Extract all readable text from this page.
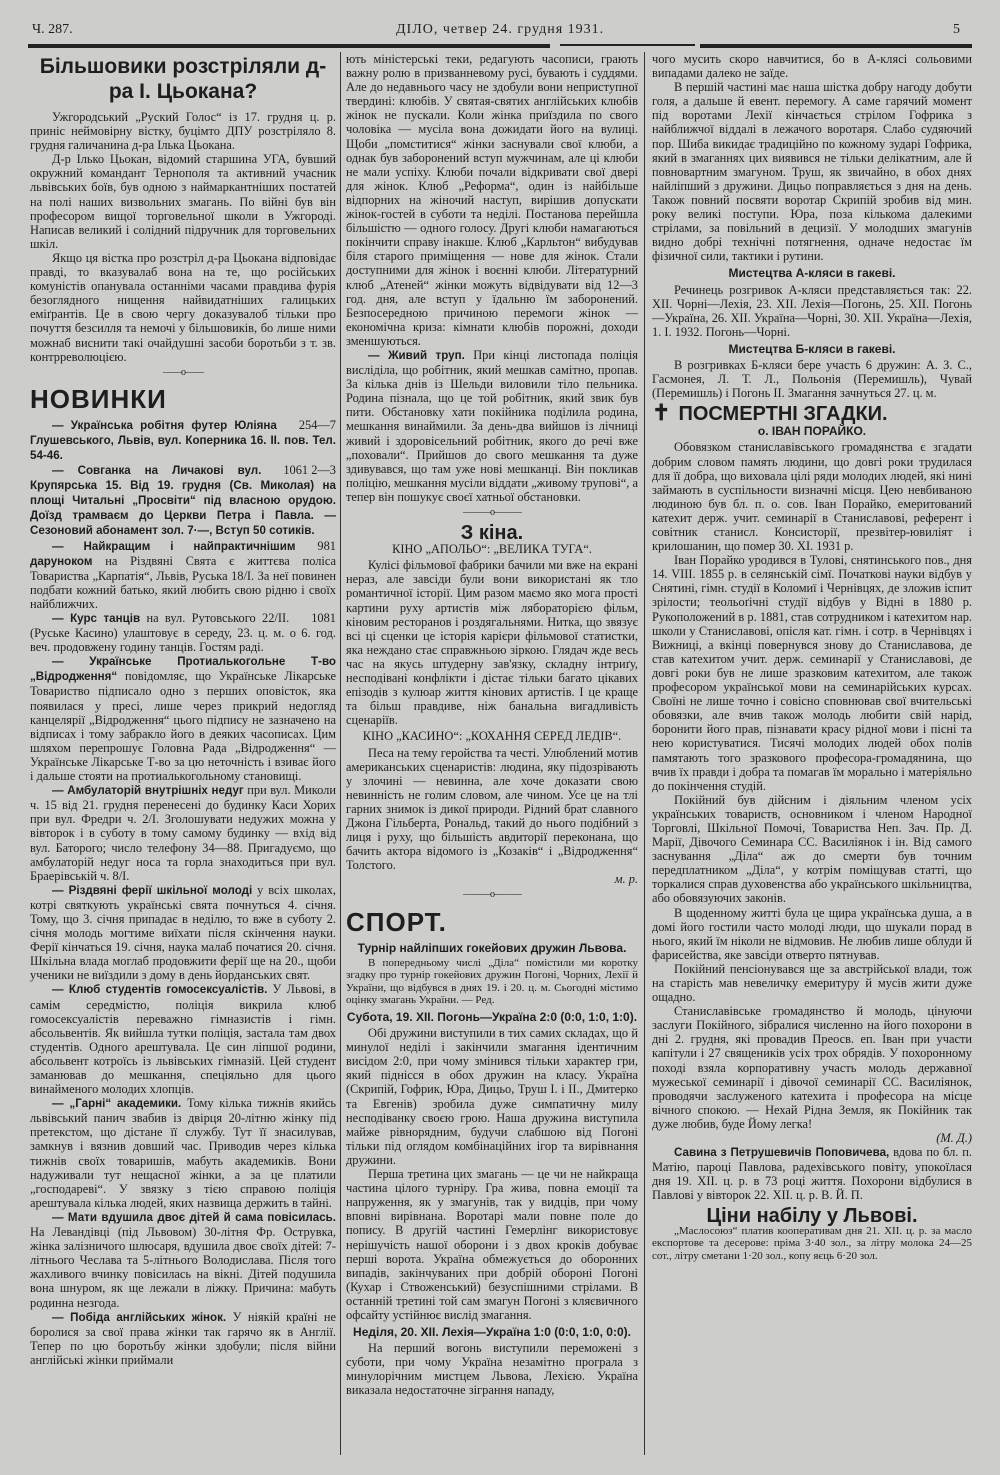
Ч. 287.	ДІЛО, четвер 24. грудня 1931.	5
Більшовики розстріляли д-ра І. Цьокана?

Ужгородський „Руский Голос“ із 17. грудня ц. р. приніс неймовірну вістку, буцімто ДПУ розстріляло 8. грудня галичанина д-ра Ілька Цьокана.

Д-р Ілько Цьокан, відомий старшина УГА, бувший окружний командант Тернополя та активний учасник львівських боїв, був одною з наймаркантніших постатей на полі наших визвольних змагань. По війні був він професором вищої торговельної школи в Ужгороді. Написав великий і солідний підручник для торговельних шкіл.

Якщо ця вістка про розстріл д-ра Цьокана відповідає правді, то вказувалаб вона на те, що російських комуністів опанувала останніми часами правдива фурія безоглядного нищення найвидатніших галицьких еміґрантів. Це в свою чергу доказувалоб тільки про почуття безсилля та немочі у більшовиків, бо лише ними можнаб виснити такі очайдушні засоби боротьби з т. зв. контрреволюцією.

——o——
НОВИНКИ

254—7
— Українська робітня футер Юліяна Глушевського, Львів, вул. Коперника 16. II. пов. Тел. 54-46.

1061 2—3
— Совганка на Личакові вул. Крупярська 15. Від 19. грудня (Св. Миколая) на площі Читальні „Просвіти“ під власною орудою. Доїзд трамваєм до Церкви Петра і Павла. — Сезоновий абонамент зол. 7·—, Вступ 50 сотиків.

981
— Найкращим і найпрактичнішим даруноком на Різдвяні Свята є життєва поліса Товариства „Карпатія“, Львів, Руська 18/I. За неї повинен подбати кожний батько, який любить свою рідню і своїх найближчих.

1081
— Курс танців на вул. Рутовського 22/II. (Руське Касино) улаштовує в середу, 23. ц. м. о 6. год. веч. продовжену годину танців. Гостям раді.

— Українське Протиалькогольне Т-во „Відродження“ повідомляє, що Українське Лікарське Товариство підписало одно з перших оповісток, яка появилася у пресі, лише через прикрий недогляд канцелярії „Відродження“ цього підпису не зазначено на відписах і тому забракло його в деяких часописах. Цим шляхом перепрошує Головна Рада „Відродження“ — Українське Лікарське Т-во за цю неточність і взиває його і дальше стояти на протиалькогольному становищі.

— Амбулаторій внутрішніх недуг при вул. Миколи ч. 15 від 21. грудня перенесені до будинку Каси Хорих при вул. Фредри ч. 2/I. Зголошувати недужих можна у вівторок і в суботу в тому самому будинку — вхід від вул. Баторого; число телефону 34—88. Пригадуємо, що амбулаторій недуг носа та горла знаходиться при вул. Браерівській ч. 8/I.

— Різдвяні ферії шкільної молоді у всіх школах, котрі святкують українські свята почнуться 4. січня. Тому, що 3. січня припадає в неділю, то вже в суботу 2. січня молодь могтиме виїхати після скінчення науки. Ферії кінчаться 19. січня, наука малаб початися 20. січня. Шкільна влада моглаб продовжити ферії ще на 20., щоби ученики не виїздили з дому в день йорданських свят.

— Клюб студентів гомосексуалістів. У Львові, в самім середмістю, поліція викрила клюб гомосексуалістів переважно гімназистів і гімн. абсольвентів. Як вийшла тутки поліція, застала там двох студентів. Одного арештувала. Це син ліпшої родини, абсольвент котроїсь із львівських гімназій. Цей студент заманював до мешкання, спеціяльно для цього винайменого молодих хлопців.

— „Гарні“ академики. Тому кілька тижнів якийсь львівський панич звабив із двірця 20-літню жінку під претекстом, що дістане її службу. Тут її знасилував, замкнув і вязнив довший час. Приводив через кілька тижнів своїх товаришів, мабуть академиків. Вони надуживали тут нещасної жінки, а за це платили „господареві“. У звязку з тією справою поліція арештувала кілька людей, яких назвища держить в тайні.

— Мати вдушила двоє дітей й сама повісилась. На Левандівці (під Львовом) 30-літня Фр. Острувка, жінка залізничого шлюсаря, вдушила двоє своїх дітей: 7-літнього Чеслава та 5-літнього Володислава. Після того жахливого вчинку повісилась на вікні. Дітей подушила вона шнуром, як ще лежали в ліжку. Причина: мабуть родинна незгода.

— Побіда англійських жінок. У ніякій країні не боролися за свої права жінки так гарячо як в Англії. Тепер по цю боротьбу жінки здобули; після війни англійські жінки приймали

ють міністерські теки, редагують часописи, грають важну ролю в призванневому русі, бувають і суддями. Але до недавнього часу не здобули вони неприступної твердині: клюбів. У святая-святих англійських клюбів жінок не пускали. Коли жінка приїздила по свого чоловіка — мусіла вона дожидати його на вулиці. Щоби „помститися“ жінки заснували свої клюби, а однак був заборонений вступ мужчинам, але ці клюби не мали успіху. Клюби почали відкривати свої двері для жінок. Клюб „Реформа“, один із найбільше відпорних на жіночий наступ, вирішив допускати жінок-гостей в суботи та неділі. Постанова перейшла більшістю — одного голосу. Другі клюби намагаються покінчити справу інакше. Клюб „Карльтон“ вибудував біля старого приміщення — нове для жінок. Стали доступними для жінок і воєнні клюби. Літературний клюб „Атеней“ жінки можуть відвідувати від 12—3 год. дня, але вступ у їдальню їм заборонений. Безпосередною причиною перемоги жінок — економічна криза: кімнати клюбів порожні, доходи зменшуються.

— Живий труп. При кінці листопада поліція висліділа, що робітник, який мешкав самітно, пропав. За кілька днів із Шельди виловили тіло пельника. Родина пізнала, що це той робітник, який звик був пити. Обстановку хати покійника поділила родина, мешкання винаймили. За день-два вийшов із лічниці живий і здоровісельний робітник, якого до речі вже „поховали“. Прийшов до свого мешкання та дуже здивувався, що там уже нові мешканці. Він покликав поліцію, мешкання мусіли віддати „живому трупові“, а тепер він пошукує своєї хатньої обстановки.

———o———
З кіна.
КІНО „АПОЛЬО“: „ВЕЛИКА ТУГА“.

Кулісі фільмової фабрики бачили ми вже на екрані нераз, але завсіди були вони використані як тло романтичної історії. Цим разом маємо яко мога прості картини руху артистів між лябораторією фільм, кіновим ресторанов і роздягальнями. Нитка, що звязує всі ці сценки це історія карієри фільмової статистки, яка неждано стає справжньою зіркою. Глядач жде весь час на якусь штудерну зав'язку, складну інтриґу, несподівані конфлікти і дістає тільки багато цікавих епізодів з кулюар життя кінових артистів. І це краще та більш правдиве, ніж банальна вигадливість сценаріїв.

КІНО „КАСИНО“: „КОХАННЯ СЕРЕД ЛЕДІВ“.

Песа на тему геройства та честі. Улюблений мотив американських сценаристів: людина, яку підозрівають у злочині — невинна, але хоче доказати свою невинність не голим словом, але чином. Усе це на тлі гарних знимок із дикої природи. Рідний брат славного Джона Гільберта, Рональд, такий до нього подібний з лиця і руху, що більшість авдиторії переконана, що бачить актора відомого із „Козаків“ і „Відродження“ Толстого.

м. р.
———o———
СПОРТ.
Турнір найліпших гокейових дружин Львова.

В попередньому числі „Діла“ помістили ми коротку згадку про турнір гокейових дружин Погоні, Чорних, Лехії й України, що відбувся в днях 19. і 20. ц. м. Сьогодні містимо оцінку змагань України. — Ред.

Субота, 19. XII. Погонь—Україна 2:0 (0:0, 1:0, 1:0).

Обі дружини виступили в тих самих складах, що й минулої неділі і закінчили змагання ідентичним висідом 2:0, при чому змінився тільки характер гри, який піднісся в обох дружин на класу. Україна (Скрипій, Гофрик, Юра, Дицьо, Труш І. і II., Дмитерко та Евгенів) зробила дуже симпатичну милу несподіванку своєю грою. Наша дружина виступила майже рівнорядним, будучи слабшою від Погоні тільки під оглядом комбінаційних ігор та вирівнання дружини.

Перша третина цих змагань — це чи не найкраща частина цілого турніру. Гра жива, повна емоції та напруження, як у змагунів, так у видців, при чому вповні вирівнана. Воротарі мали повне поле до попису. В другій частині Гемерлінг використовує нерішучість нашої оборони і з двох кроків добуває перші ворота. Україна обмежується до оборонних випадів, закінчуваних при добрій обороні Погоні (Кухар і Ствоженський) безуспішними стрілами. В останній третині той сам змагун Погоні з кляєвичного офсайту устійнює вислід змагання.

Неділя, 20. XII. Лехія—Україна 1:0 (0:0, 1:0, 0:0).

На перший вогонь виступили переможені з суботи, при чому Україна незамітно програла з минулорічним мистцем Львова, Лехією. Україна виказала недостаточне зіграння нападу,

чого мусить скоро навчитися, бо в А-клясі сольовими випадами далеко не заїде.

В першій частині має наша шістка добру нагоду добути голя, а дальше й евент. перемогу. А саме гарячий момент під воротами Лехії кінчається стрілом Гофрика з найближчої віддалі в лежачого воротаря. Слабо судяючий пор. Шиба викидає традиційно по кожному зударі Гофрика, який в змаганнях цих виявився не тільки делікатним, але й повновартним змагуном. Труш, як звичайно, в обох днях найліпший з дружини. Дицьо поправляється з дня на день. Також повний посвяти воротар Скрипій зробив від мин. року великі поступи. Юра, поза кількома далекими стрілами, за повільний в децизії. У молодших змагунів видно добрі технічні потягнення, одначе недостає їм фізичної сили, тактики і рутини.

Мистецтва А-кляси в гакеві.

Речинець розгривок А-кляси представляється так: 22. XII. Чорні—Лехія, 23. XII. Лехія—Погонь, 25. XII. Погонь—Україна, 26. XII. Україна—Чорні, 30. XII. Україна—Лехія, 1. I. 1932. Погонь—Чорні.

Мистецтва Б-кляси в гакеві.

В розгривках Б-кляси бере участь 6 дружин: А. З. С., Гасмонея, Л. Т. Л., Польонія (Перемишль), Чувай (Перемишль) і Погонь II. Змагання зачнуться 27. ц. м.

✝ ПОСМЕРТНІ ЗГАДКИ.
о. ІВАН ПОРАЙКО.

Обовязком станиславівського громадянства є згадати добрим словом память людини, що довгі роки трудилася для її добра, що виховала цілі ряди молодих людей, які нині займають в суспільности визначні місця. Цею невбиваною людиною був бл. п. о. сов. Іван Порайко, емеритований катехит держ. учит. семинарії в Станиславові, референт і совітник станисл. Консисторії, презвітер-ювиліят і крилошанин, що помер 30. XI. 1931 р.

Іван Порайко уродився в Тулові, снятинського пов., дня 14. VIII. 1855 р. в селянській сімї. Початкові науки відбув у Снятині, гімн. студії в Коломиї і Чернівцях, де зложив іспит зрілости; теольоґічні студії відбув у Відні в 1880 р. Рукоположений в р. 1881, став сотрудником і катехитом нар. школи у Станиславові, опісля кат. гімн. і сотр. в Чернівцях і Вижниці, а вкінці повернувся знову до Станиславова, де став катехитом учит. держ. семинарії у Станиславові, де довгі роки був не лише зразковим катехитом, але також професором української мови на семинарійських курсах. Своїні не лише точно і совісно сповнював свої вчительські обовязки, але вчив також молодь любити свій нарід, боронити його прав, пізнавати красу рідної мови і пісні та нею користуватися. Тисячі молодих людей обох полів памятають того зразкового професора-громадянина, що вчив їх правди і добра та помагав їм морально і матеріяльно до покінчення студій.

Покійний був дійсним і діяльним членом усіх українських товариств, основником і членом Народної Торговлі, Шкільної Помочі, Товариства Неп. Зач. Пр. Д. Марії, Дівочого Семинара СС. Василіянок і ін. Від самого заснування „Діла“ аж до смерти був точним передплатником „Діла“, у котрім поміщував статті, що торкалися справ духовенства або українського шкільництва, або обовязуючих законів.

В щоденному житті була це щира українська душа, а в домі його гостили часто молоді люди, що шукали порад в нього, який їм ніколи не відмовив. Не любив лише облуди й фарисейства, яке завсіди отверто пятнував.

Покійний пенсіонувався ще за австрійської влади, тож на старість мав невеличку емеритуру й мусів жити дуже ощадно.

Станиславівське громадянство й молодь, цінуючи заслуги Покійного, зібралися численно на його похорони в дні 2. грудня, які провадив Преосв. еп. Іван при участи капітули і 27 священиків усіх трох обрядів. У похоронному поході взяла корпоративну участь молодь державної мужеської семинарії і дівочої семинарії СС. Василіянок, проводячи заслуженого катехита і професора на місце вічного спокою. — Нехай Рідна Земля, як Покійник так дуже любив, буде Йому легка!

(М. Д.)

Савина з Петрушевичів Поповичева, вдова по бл. п. Матію, пароці Павлова, радехівського повіту, упокоїлася дня 19. XII. ц. р. в 73 році життя. Похорони відбулися в Павлові у вівторок 22. XII. ц. р. В. Й. П.

Ціни набілу у Львові.

„Маслосоюз“ платив кооперативам дня 21. XII. ц. р. за масло експортове та десерове: пріма 3·40 зол., за літру молока 24—25 сот., літру сметани 1·20 зол., копу яєць 6·20 зол.
